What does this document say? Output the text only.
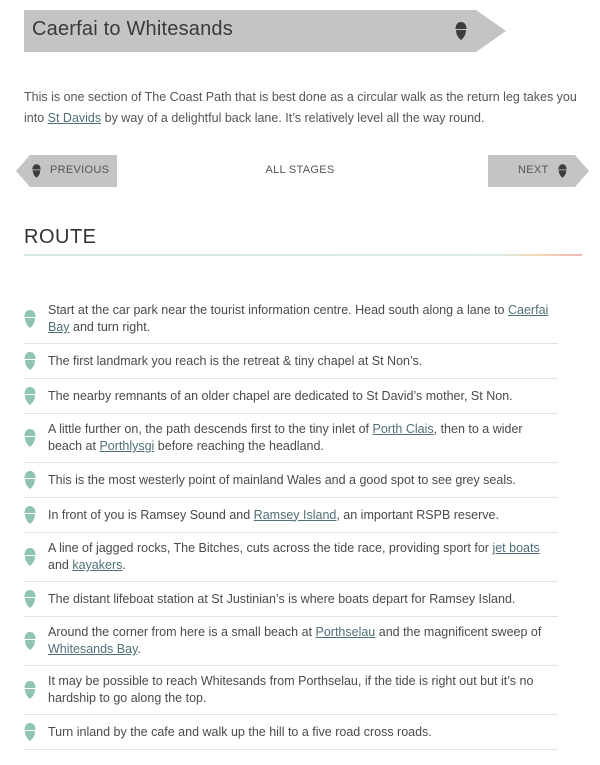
Caerfai to Whitesands
This is one section of The Coast Path that is best done as a circular walk as the return leg takes you into St Davids by way of a delightful back lane. It’s relatively level all the way round.
PREVIOUS	ALL STAGES	NEXT
ROUTE
Start at the car park near the tourist information centre. Head south along a lane to Caerfai Bay and turn right.
The first landmark you reach is the retreat & tiny chapel at St Non’s.
The nearby remnants of an older chapel are dedicated to St David’s mother, St Non.
A little further on, the path descends first to the tiny inlet of Porth Clais, then to a wider beach at Porthlysgi before reaching the headland.
This is the most westerly point of mainland Wales and a good spot to see grey seals.
In front of you is Ramsey Sound and Ramsey Island, an important RSPB reserve.
A line of jagged rocks, The Bitches, cuts across the tide race, providing sport for jet boats and kayakers.
The distant lifeboat station at St Justinian’s is where boats depart for Ramsey Island.
Around the corner from here is a small beach at Porthselau and the magnificent sweep of Whitesands Bay.
It may be possible to reach Whitesands from Porthselau, if the tide is right out but it’s no hardship to go along the top.
Turn inland by the cafe and walk up the hill to a five road cross roads.
